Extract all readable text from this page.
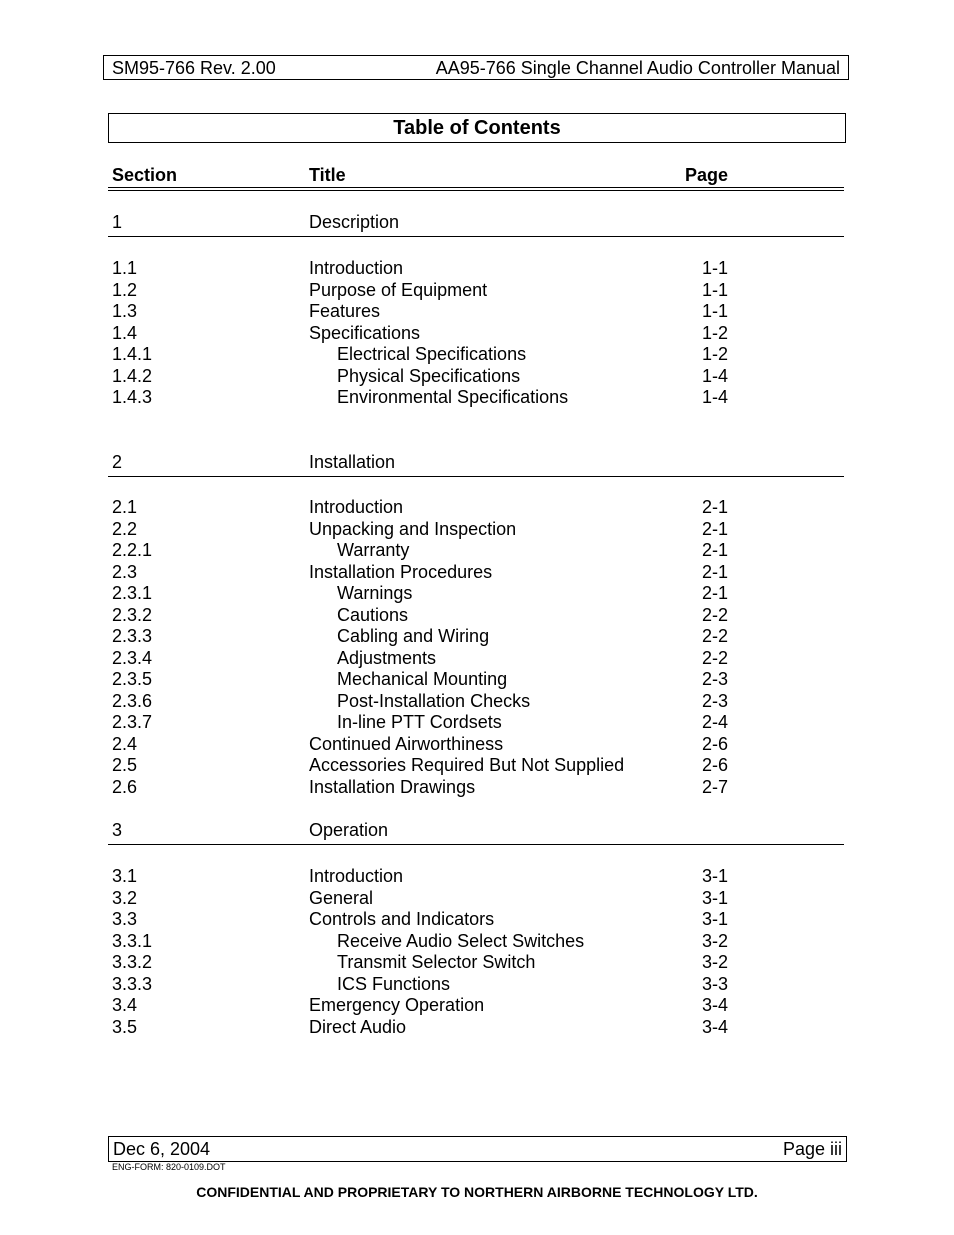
SM95-766 Rev. 2.00	AA95-766 Single Channel Audio Controller Manual
Table of Contents
Section	Title	Page
1	Description
1.1	Introduction	1-1
1.2	Purpose of Equipment	1-1
1.3	Features	1-1
1.4	Specifications	1-2
1.4.1	Electrical Specifications	1-2
1.4.2	Physical Specifications	1-4
1.4.3	Environmental Specifications	1-4
2	Installation
2.1	Introduction	2-1
2.2	Unpacking and Inspection	2-1
2.2.1	Warranty	2-1
2.3	Installation Procedures	2-1
2.3.1	Warnings	2-1
2.3.2	Cautions	2-2
2.3.3	Cabling and Wiring	2-2
2.3.4	Adjustments	2-2
2.3.5	Mechanical Mounting	2-3
2.3.6	Post-Installation Checks	2-3
2.3.7	In-line PTT Cordsets	2-4
2.4	Continued Airworthiness	2-6
2.5	Accessories Required But Not Supplied	2-6
2.6	Installation Drawings	2-7
3	Operation
3.1	Introduction	3-1
3.2	General	3-1
3.3	Controls and Indicators	3-1
3.3.1	Receive Audio Select Switches	3-2
3.3.2	Transmit Selector Switch	3-2
3.3.3	ICS Functions	3-3
3.4	Emergency Operation	3-4
3.5	Direct Audio	3-4
Dec 6, 2004	Page iii
ENG-FORM: 820-0109.DOT
CONFIDENTIAL AND PROPRIETARY TO NORTHERN AIRBORNE TECHNOLOGY LTD.
